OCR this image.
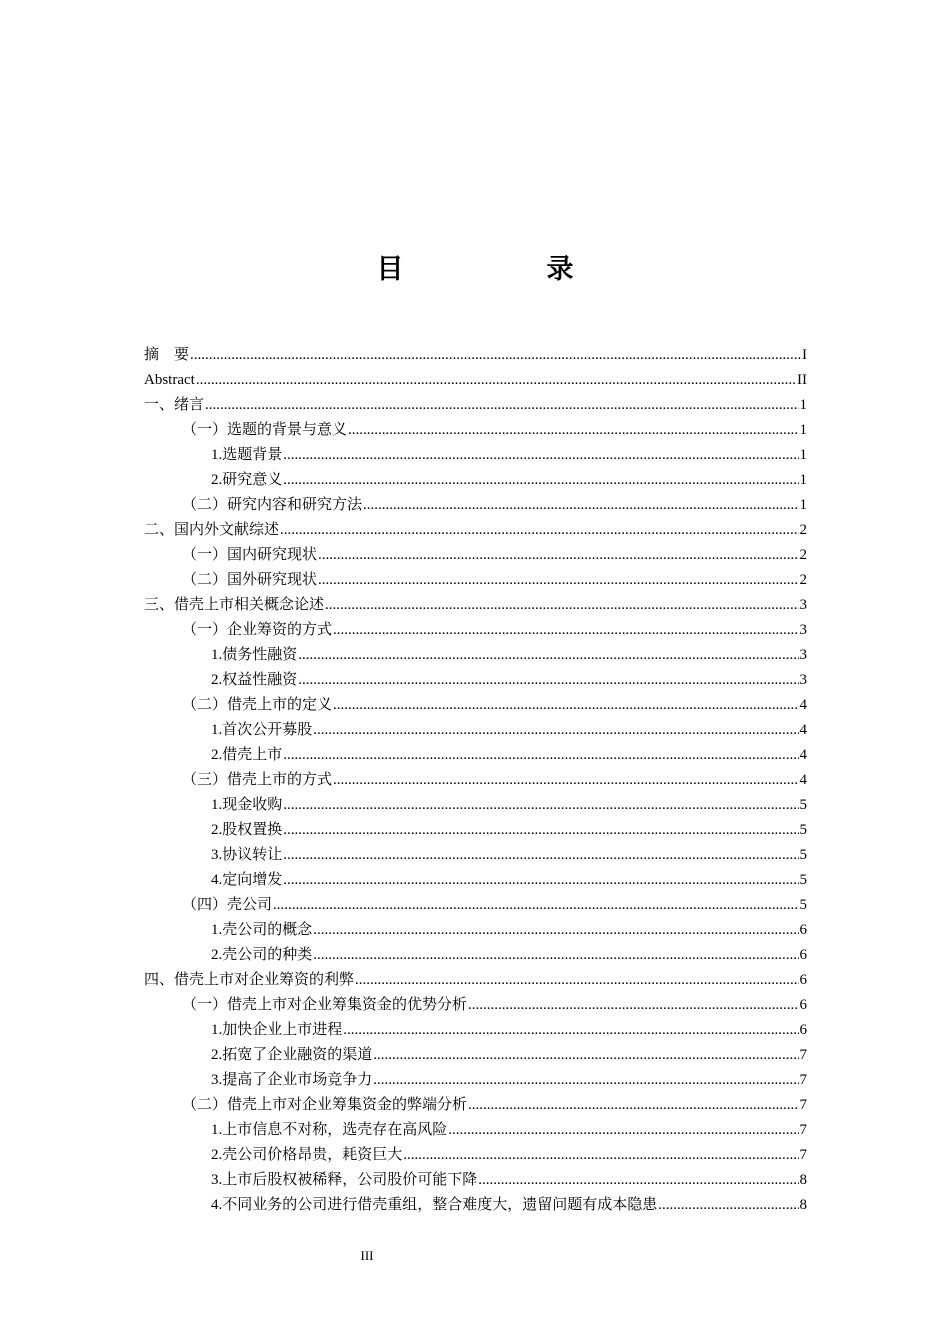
目　录
摘　要 .....	I
Abstract .....	II
一、绪言 .....	1
（一）选题的背景与意义 .....	1
1.选题背景 .....	1
2.研究意义 .....	1
（二）研究内容和研究方法 .....	1
二、国内外文献综述 .....	2
（一）国内研究现状 .....	2
（二）国外研究现状 .....	2
三、借壳上市相关概念论述 .....	3
（一）企业筹资的方式 .....	3
1.债务性融资 .....	3
2.权益性融资 .....	3
（二）借壳上市的定义 .....	4
1.首次公开募股 .....	4
2.借壳上市 .....	4
（三）借壳上市的方式 .....	4
1.现金收购 .....	5
2.股权置换 .....	5
3.协议转让 .....	5
4.定向增发 .....	5
（四）壳公司 .....	5
1.壳公司的概念 .....	6
2.壳公司的种类 .....	6
四、借壳上市对企业筹资的利弊 .....	6
（一）借壳上市对企业筹集资金的优势分析 .....	6
1.加快企业上市进程 .....	6
2.拓宽了企业融资的渠道 .....	7
3.提高了企业市场竞争力 .....	7
（二）借壳上市对企业筹集资金的弊端分析 .....	7
1.上市信息不对称，选壳存在高风险 .....	7
2.壳公司价格昂贵，耗资巨大 .....	7
3.上市后股权被稀释，公司股价可能下降 .....	8
4.不同业务的公司进行借壳重组，整合难度大，遗留问题有成本隐患 .....	8
III
